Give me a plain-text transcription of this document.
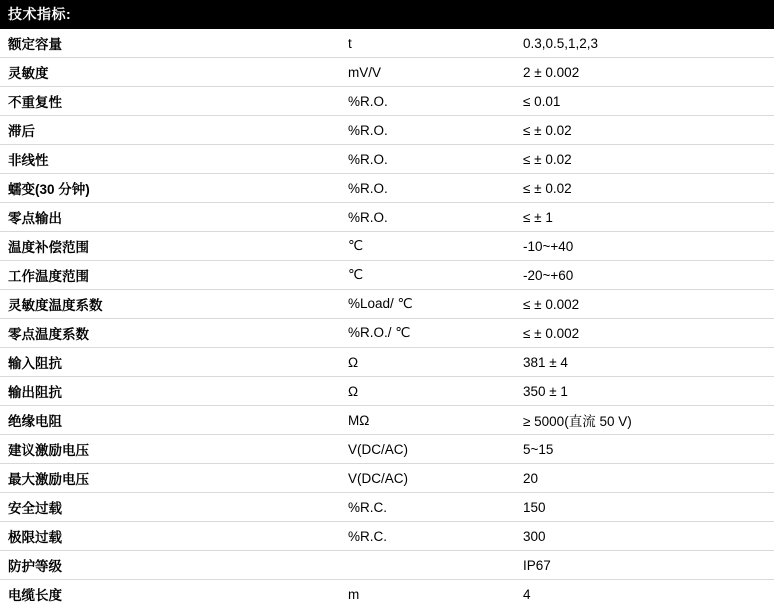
技术指标:		
额定容量	t	0.3,0.5,1,2,3
灵敏度	mV/V	2 ± 0.002
不重复性	%R.O.	≤ 0.01
滞后	%R.O.	≤ ± 0.02
非线性	%R.O.	≤ ± 0.02
蠕变(30 分钟)	%R.O.	≤ ± 0.02
零点输出	%R.O.	≤ ± 1
温度补偿范围	℃	-10~+40
工作温度范围	℃	-20~+60
灵敏度温度系数	%Load/ ℃	≤ ± 0.002
零点温度系数	%R.O./ ℃	≤ ± 0.002
输入阻抗	Ω	381 ± 4
输出阻抗	Ω	350 ± 1
绝缘电阻	MΩ	≥ 5000(直流 50 V)
建议激励电压	V(DC/AC)	5~15
最大激励电压	V(DC/AC)	20
安全过载	%R.C.	150
极限过载	%R.C.	300
防护等级		IP67
电缆长度	m	4
